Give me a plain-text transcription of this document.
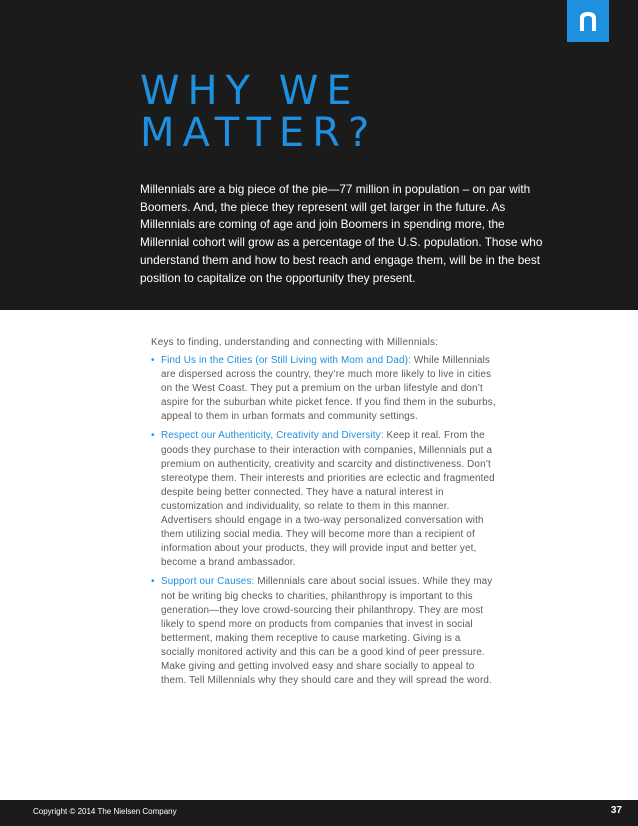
WHY WE
MATTER?

Millennials are a big piece of the pie—77 million in population – on par with Boomers. And, the piece they represent will get larger in the future. As Millennials are coming of age and join Boomers in spending more, the Millennial cohort will grow as a percentage of the U.S. population. Those who understand them and how to best reach and engage them, will be in the best position to capitalize on the opportunity they present.

Keys to finding, understanding and connecting with Millennials:

• Find Us in the Cities (or Still Living with Mom and Dad): While Millennials are dispersed across the country, they’re much more likely to live in cities on the West Coast. They put a premium on the urban lifestyle and don’t aspire for the suburban white picket fence. If you find them in the suburbs, appeal to them in urban formats and community settings.
• Respect our Authenticity, Creativity and Diversity: Keep it real. From the goods they purchase to their interaction with companies, Millennials put a premium on authenticity, creativity and scarcity and distinctiveness. Don’t stereotype them. Their interests and priorities are eclectic and fragmented despite being better connected. They have a natural interest in customization and individuality, so relate to them in this manner. Advertisers should engage in a two-way personalized conversation with them utilizing social media. They will become more than a recipient of information about your products, they will provide input and better yet, become a brand ambassador.
• Support our Causes: Millennials care about social issues. While they may not be writing big checks to charities, philanthropy is important to this generation—they love crowd-sourcing their philanthropy. They are most likely to spend more on products from companies that invest in social betterment, making them receptive to cause marketing. Giving is a socially monitored activity and this can be a good kind of peer pressure. Make giving and getting involved easy and share socially to appeal to them. Tell Millennials why they should care and they will spread the word.
Copyright © 2014 The Nielsen Company	37
